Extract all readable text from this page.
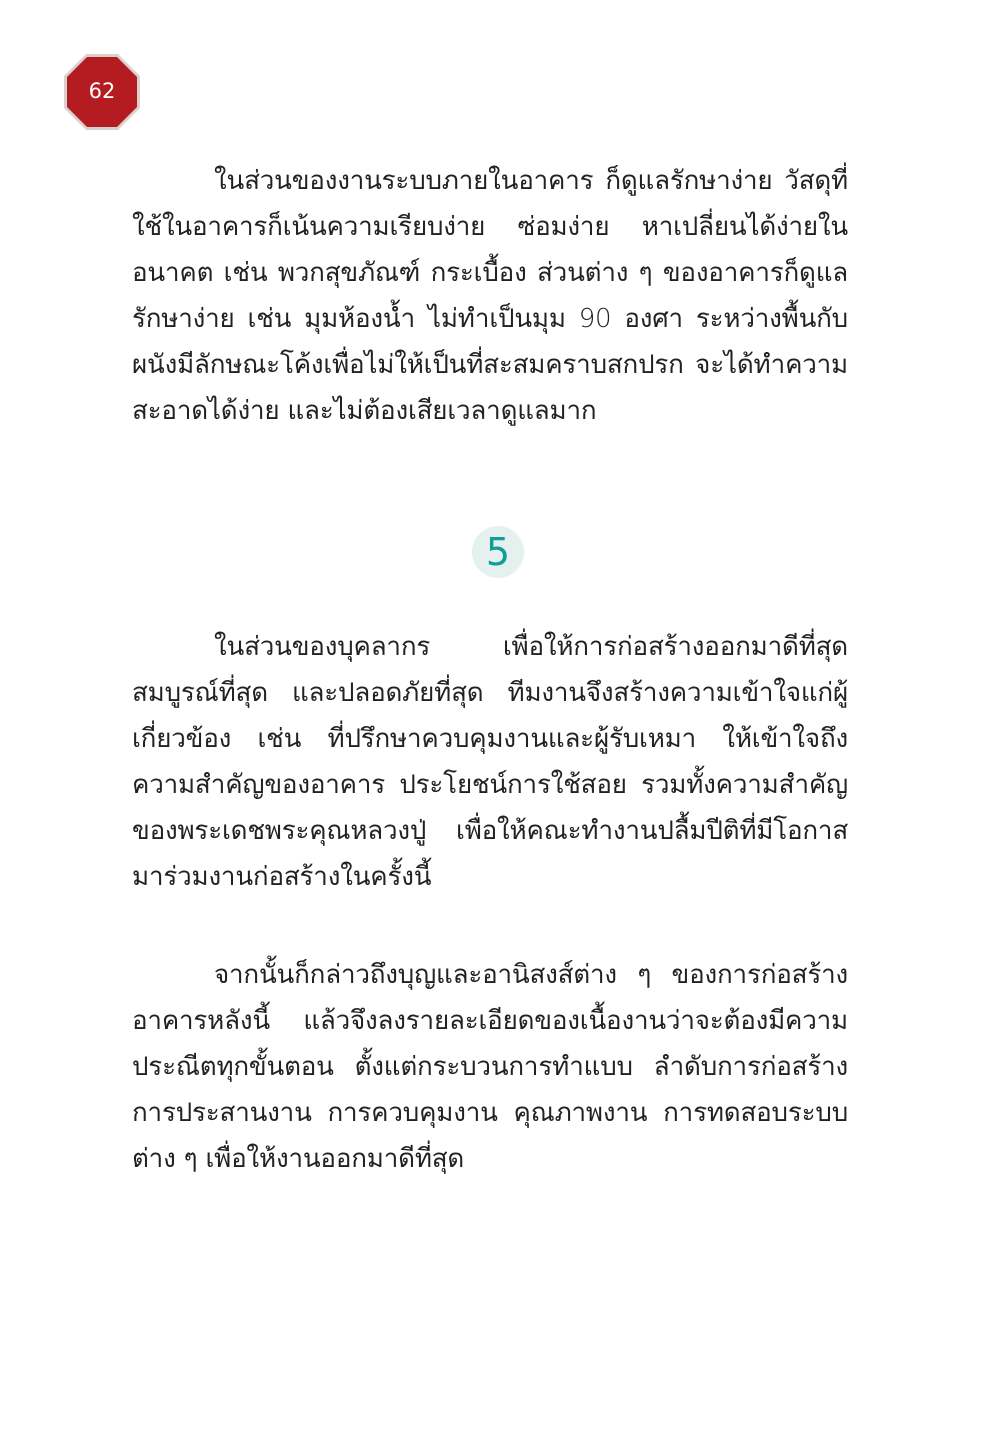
62

ในส่วนของงานระบบภายในอาคาร ก็ดูแลรักษาง่าย วัสดุที่ใช้ในอาคารก็เน้นความเรียบง่าย ซ่อมง่าย หาเปลี่ยนได้ง่ายในอนาคต เช่น พวกสุขภัณฑ์ กระเบื้อง ส่วนต่าง ๆ ของอาคารก็ดูแลรักษาง่าย เช่น มุมห้องน้ำ ไม่ทำเป็นมุม 90 องศา ระหว่างพื้นกับผนังมีลักษณะโค้งเพื่อไม่ให้เป็นที่สะสมคราบสกปรก จะได้ทำความสะอาดได้ง่าย และไม่ต้องเสียเวลาดูแลมาก

5

ในส่วนของบุคลากร เพื่อให้การก่อสร้างออกมาดีที่สุด สมบูรณ์ที่สุด และปลอดภัยที่สุด ทีมงานจึงสร้างความเข้าใจแก่ผู้เกี่ยวข้อง เช่น ที่ปรึกษาควบคุมงานและผู้รับเหมา ให้เข้าใจถึงความสำคัญของอาคาร ประโยชน์การใช้สอย รวมทั้งความสำคัญของพระเดชพระคุณหลวงปู่ เพื่อให้คณะทำงานปลื้มปีติที่มีโอกาสมาร่วมงานก่อสร้างในครั้งนี้

จากนั้นก็กล่าวถึงบุญและอานิสงส์ต่าง ๆ ของการก่อสร้างอาคารหลังนี้ แล้วจึงลงรายละเอียดของเนื้องานว่าจะต้องมีความประณีตทุกขั้นตอน ตั้งแต่กระบวนการทำแบบ ลำดับการก่อสร้าง การประสานงาน การควบคุมงาน คุณภาพงาน การทดสอบระบบต่าง ๆ เพื่อให้งานออกมาดีที่สุด
